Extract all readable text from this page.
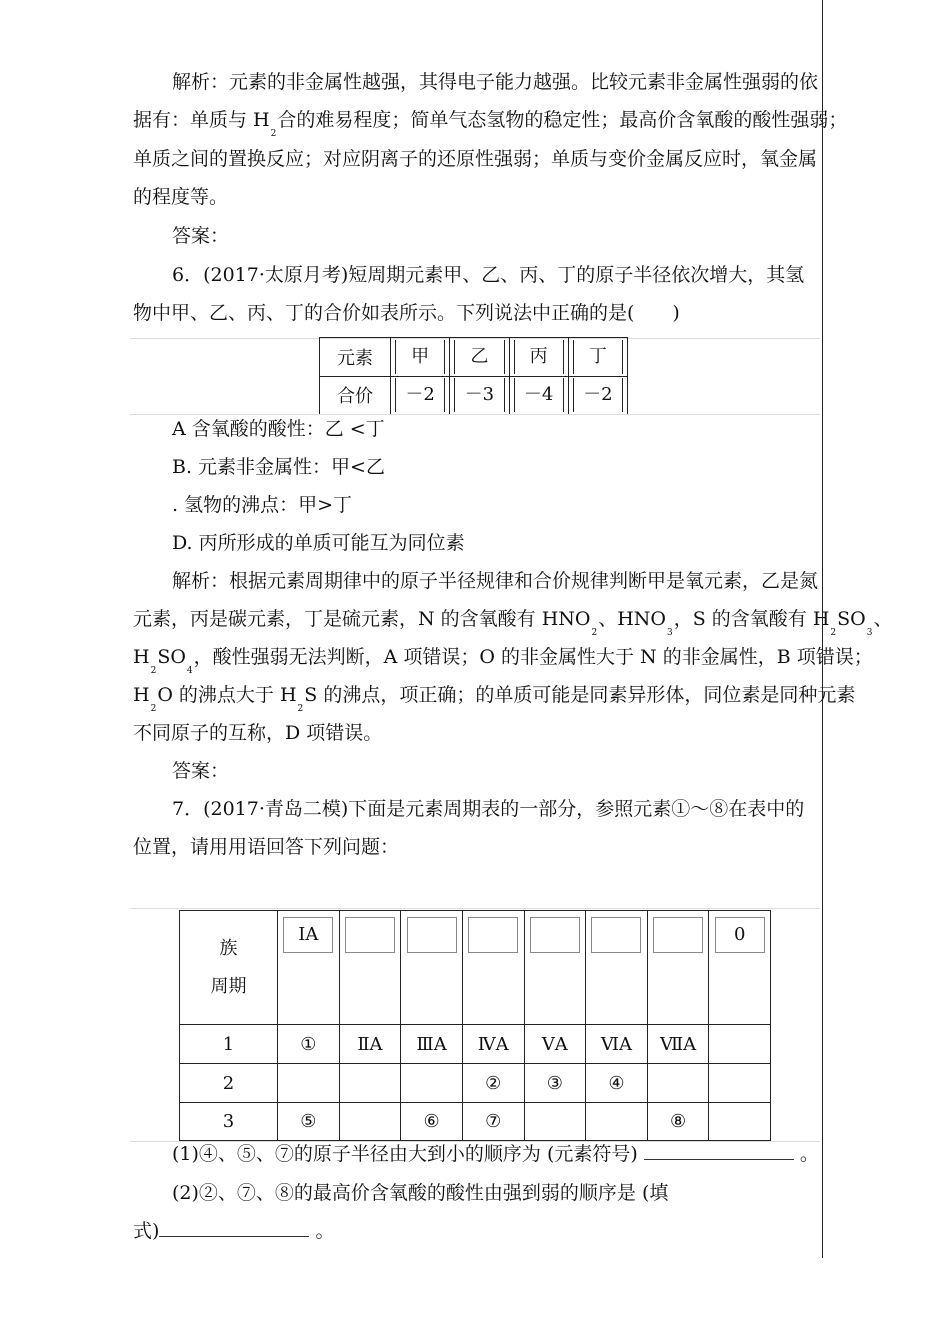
解析：元素的非金属性越强，其得电子能力越强。比较元素非金属性强弱的依
据有：单质与 $H_2$合的难易程度；简单气态氢物的稳定性；最高价含氧酸的酸性强弱；
单质之间的置换反应；对应阴离子的还原性强弱；单质与变价金属反应时，氧金属
的程度等。
答案：
6．(2017·太原月考)短周期元素甲、乙、丙、丁的原子半径依次增大，其氢
物中甲、乙、丙、丁的合价如表所示。下列说法中正确的是(　　)
元素	甲	乙	丙	丁

合价	－2	－3	－4	－2
A 含氧酸的酸性：乙 <丁
B. 元素非金属性：甲<乙
. 氢物的沸点：甲>丁
D. 丙所形成的单质可能互为同位素
解析：根据元素周期律中的原子半径规律和合价规律判断甲是氧元素，乙是氮
元素，丙是碳元素，丁是硫元素，N 的含氧酸有 $HNO_2$、$HNO_3$，S 的含氧酸有 $H_2SO_3$、
$H_2SO_4$，酸性强弱无法判断，A 项错误；O 的非金属性大于 N 的非金属性，B 项错误；
$H_2O$ 的沸点大于 $H_2S$ 的沸点，项正确；的单质可能是同素异形体，同位素是同种元素
不同原子的互称，D 项错误。
答案：
7．(2017·青岛二模)下面是元素周期表的一部分，参照元素①～⑧在表中的
位置，请用用语回答下列问题：
族
周期	ⅠA							0
1	①	ⅡA	ⅢA	ⅣA	ⅤA	ⅥA	ⅦA	
2				②	③	④		
3	⑤		⑥	⑦			⑧	
(1)④、⑤、⑦的原子半径由大到小的顺序为 (元素符号)	。
(2)②、⑦、⑧的最高价含氧酸的酸性由强到弱的顺序是 (填
式)	。
